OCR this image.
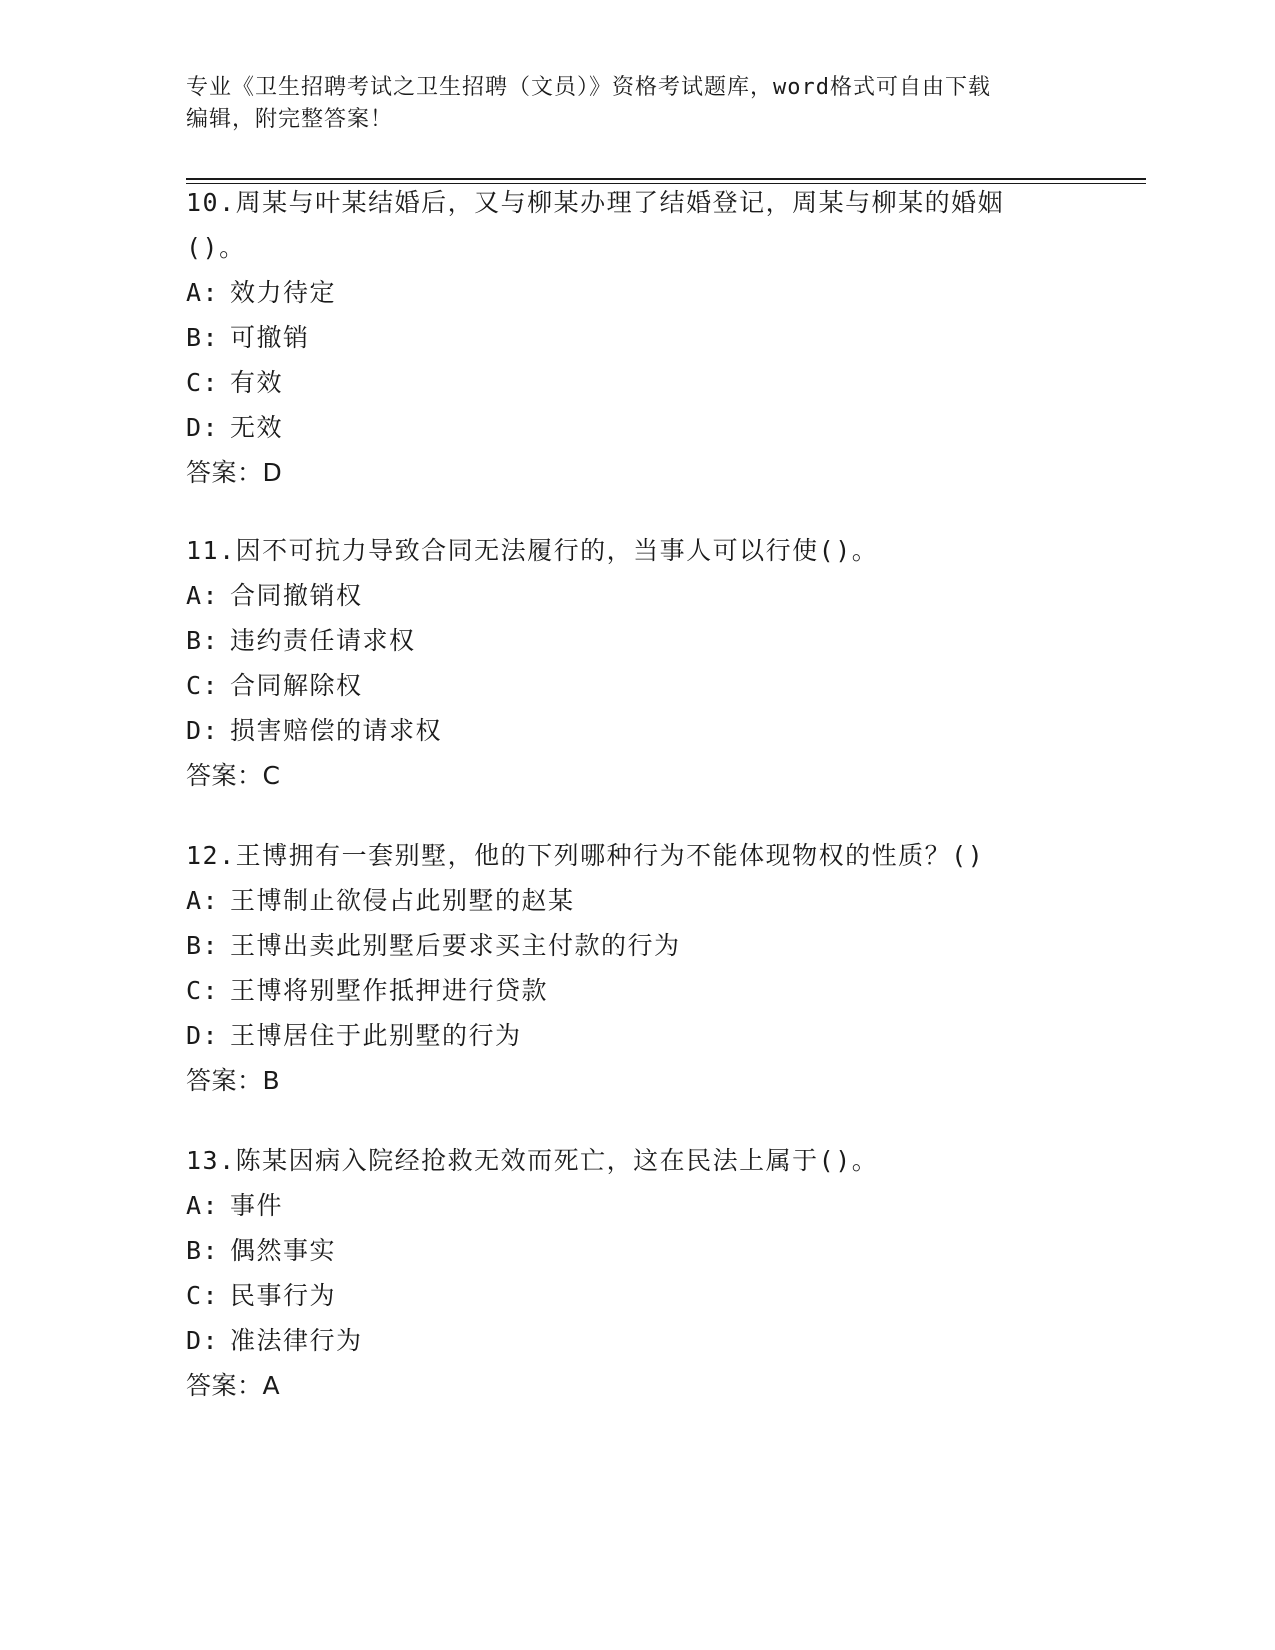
专业《卫生招聘考试之卫生招聘（文员）》资格考试题库，word格式可自由下载
编辑，附完整答案！
10.周某与叶某结婚后，又与柳某办理了结婚登记，周某与柳某的婚姻
()。
A: 效力待定
B: 可撤销
C: 有效
D: 无效
答案：D
11.因不可抗力导致合同无法履行的，当事人可以行使()。
A: 合同撤销权
B: 违约责任请求权
C: 合同解除权
D: 损害赔偿的请求权
答案：C
12.王博拥有一套别墅，他的下列哪种行为不能体现物权的性质？()
A: 王博制止欲侵占此别墅的赵某
B: 王博出卖此别墅后要求买主付款的行为
C: 王博将别墅作抵押进行贷款
D: 王博居住于此别墅的行为
答案：B
13.陈某因病入院经抢救无效而死亡，这在民法上属于()。
A: 事件
B: 偶然事实
C: 民事行为
D: 准法律行为
答案：A
